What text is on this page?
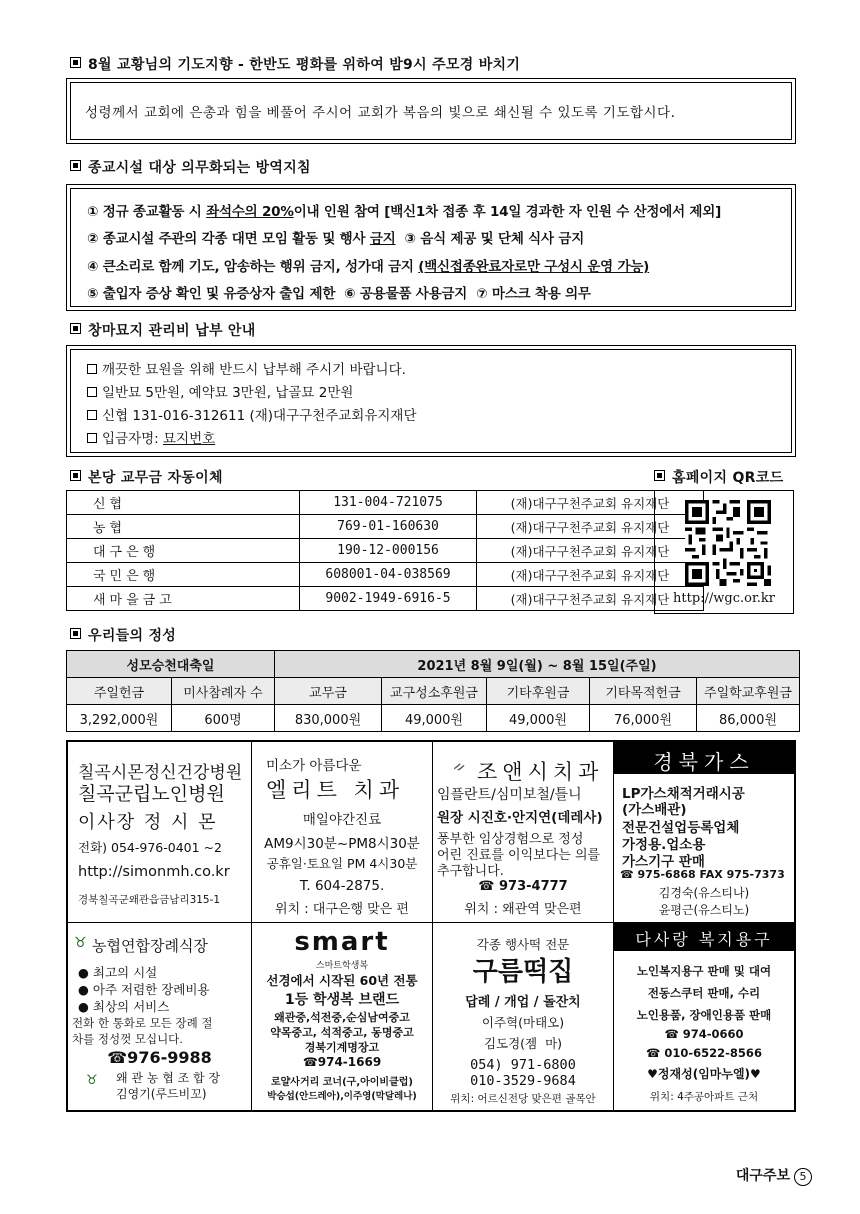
8월 교황님의 기도지향 - 한반도 평화를 위하여 밤9시 주모경 바치기

성령께서 교회에 은총과 힘을 베풀어 주시어 교회가 복음의 빛으로 쇄신될 수 있도록 기도합시다.

종교시설 대상 의무화되는 방역지침
① 정규 종교활동 시 좌석수의 20%이내 인원 참여 [백신1차 접종 후 14일 경과한 자 인원 수 산정에서 제외]
② 종교시설 주관의 각종 대면 모임 활동 및 행사 금지  ③ 음식 제공 및 단체 식사 금지
④ 큰소리로 함께 기도, 암송하는 행위 금지, 성가대 금지 (백신접종완료자로만 구성시 운영 가능)
⑤ 출입자 증상 확인 및 유증상자 출입 제한  ⑥ 공용물품 사용금지  ⑦ 마스크 착용 의무
창마묘지 관리비 납부 안내
깨끗한 묘원을 위해 반드시 납부해 주시기 바랍니다.
일반묘 5만원, 예약묘 3만원, 납골묘 2만원
신협 131-016-312611 (재)대구구천주교회유지재단
입금자명: 묘지번호
본당 교무금 자동이체	홈페이지 QR코드
신협	131-004-721075	(재)대구구천주교회 유지재단
농협	769-01-160630	(재)대구구천주교회 유지재단
대구은행	190-12-000156	(재)대구구천주교회 유지재단
국민은행	608001-04-038569	(재)대구구천주교회 유지재단
새마을금고	9002-1949-6916-5	(재)대구구천주교회 유지재단 http://wgc.or.kr
우리들의 정성
성모승천대축일		2021년 8월 9일(월) ~ 8월 15일(주일)				
주일헌금	미사참례자 수	교무금	교구성소후원금	기타후원금	기타목적헌금	주일학교후원금
3,292,000원	600명	830,000원	49,000원	49,000원	76,000원	86,000원
칠곡시몬정신건강병원
칠곡군립노인병원
이사장 정 시 몬
전화) 054-976-0401 ~2
http://simonmh.co.kr
경북칠곡군왜관읍금남리315-1
미소가 아름다운
엘리트 치과
매일야간진료
AM9시30분~PM8시30분
공휴일·토요일 PM 4시30분
T. 604-2875.
위치 : 대구은행 맞은 편
ᨀ 조앤시치과
임플란트/심미보철/틀니
원장 시진호·안지연(데레사)
풍부한 임상경험으로 정성
어린 진료를 이익보다는 의를
추구합니다.
☎ 973-4777
위치 : 왜관역 맞은편
경북가스
LP가스채적거래시공
(가스배관)
전문건설업등록업체
가정용.업소용
가스기구 판매
☎ 975-6868 FAX 975-7373
김경숙(유스티나)
윤평근(유스티노)
♉ 농협연합장례식장
● 최고의 시설
● 아주 저렴한 장례비용
● 최상의 서비스
전화 한 통화로 모든 장례 절
차를 정성껏 모십니다.
☎976-9988
♉ 왜 관 농 협 조 합 장
김영기(루드비꼬)
smart
스마트학생복
선경에서 시작된 60년 전통
1등 학생복 브랜드
왜관중,석전중,순심남여중고
약목중고, 석적중고, 동명중고
경북기계명장고
☎974-1669
로얄사거리 코너(구,아이비클럽)
박승섭(안드레아),이주영(막달레나)
각종 행사떡 전문
구름떡집
답례 / 개업 / 돌잔치
이주혁(마태오)
김도경(젬  마)
054) 971-6800
010-3529-9684
위치: 어르신전당 맞은편 골목안
다사랑 복지용구
노인복지용구 판매 및 대여
전동스쿠터 판매, 수리
노인용품, 장애인용품 판매
☎ 974-0660
☎ 010-6522-8566
♥정재성(임마누엘)♥
위치: 4주공아파트 근처
대구주보 5
